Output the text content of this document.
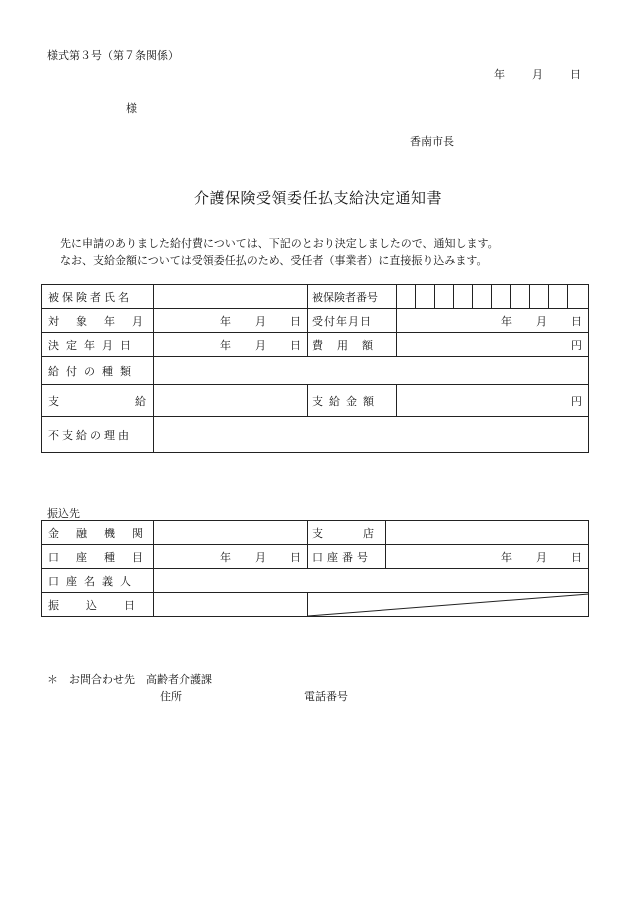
様式第３号（第７条関係）
年 月 日
様
香南市長
介護保険受領委任払支給決定通知書
先に申請のありました給付費については、下記のとおり決定しましたので、通知します。
なお、支給金額については受領委任払のため、受任者（事業者）に直接振り込みます。
被保険者氏名		被保険者番号										

対象年月	年 月 日	受付年月日	年 月 日									

決定年月日	年 月 日	費用額	円									

給付の種類												

支給		支給金額	円									

不支給の理由												

振込先
金融機関		支店	

口座種目	年 月 日	口座番号	年 月 日

口座名義人			

振込日

＊　お問合わせ先　高齢者介護課
住所	電話番号
